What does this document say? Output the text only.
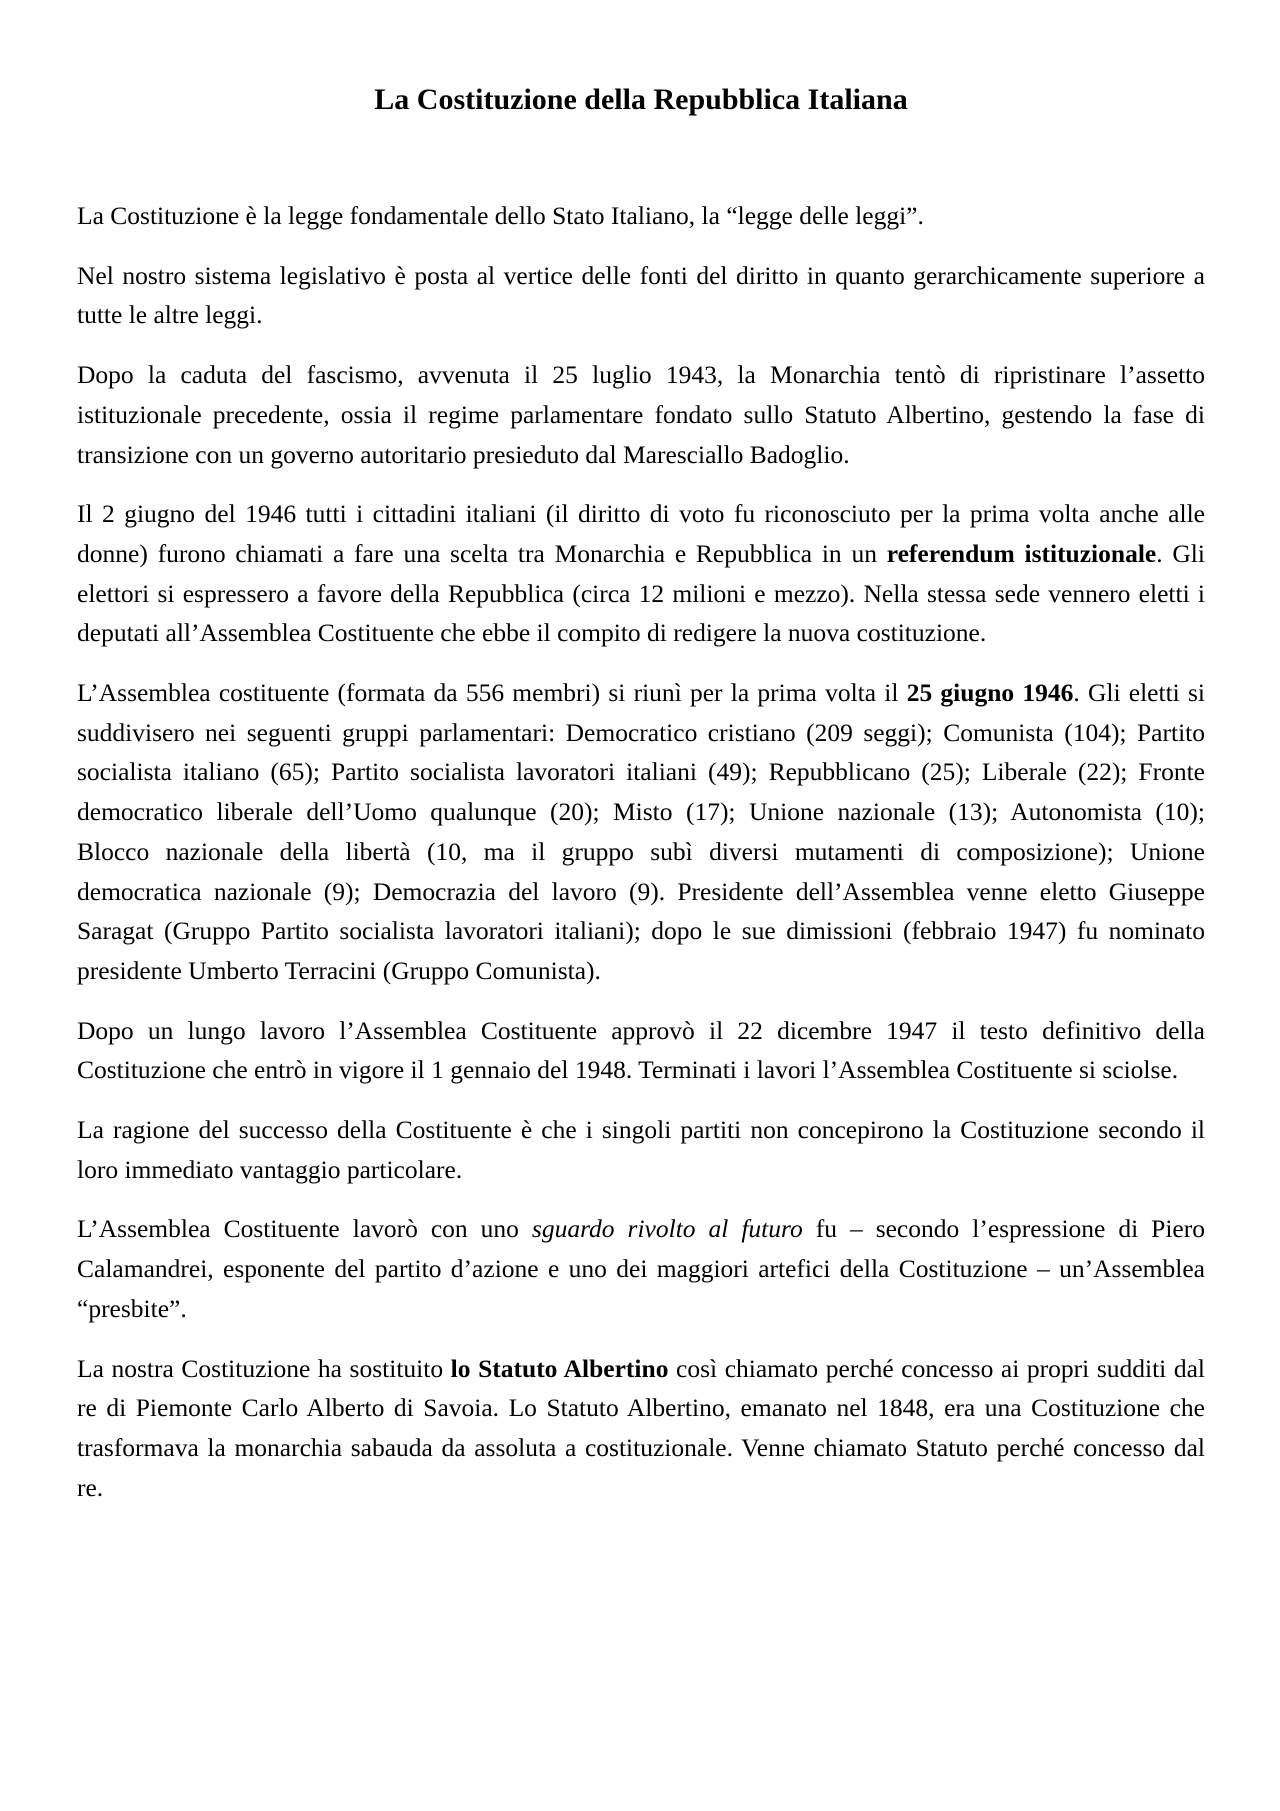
La Costituzione della Repubblica Italiana

La Costituzione è la legge fondamentale dello Stato Italiano, la “legge delle leggi”.

Nel nostro sistema legislativo è posta al vertice delle fonti del diritto in quanto gerarchicamente superiore a tutte le altre leggi.

Dopo la caduta del fascismo, avvenuta il 25 luglio 1943, la Monarchia tentò di ripristinare l’assetto istituzionale precedente, ossia il regime parlamentare fondato sullo Statuto Albertino, gestendo la fase di transizione con un governo autoritario presieduto dal Maresciallo Badoglio.

Il 2 giugno del 1946 tutti i cittadini italiani (il diritto di voto fu riconosciuto per la prima volta anche alle donne) furono chiamati a fare una scelta tra Monarchia e Repubblica in un referendum istituzionale. Gli elettori si espressero a favore della Repubblica (circa 12 milioni e mezzo). Nella stessa sede vennero eletti i deputati all’Assemblea Costituente che ebbe il compito di redigere la nuova costituzione.

L’Assemblea costituente (formata da 556 membri) si riunì per la prima volta il 25 giugno 1946. Gli eletti si suddivisero nei seguenti gruppi parlamentari: Democratico cristiano (209 seggi); Comunista (104); Partito socialista italiano (65); Partito socialista lavoratori italiani (49); Repubblicano (25); Liberale (22); Fronte democratico liberale dell’Uomo qualunque (20); Misto (17); Unione nazionale (13); Autonomista (10); Blocco nazionale della libertà (10, ma il gruppo subì diversi mutamenti di composizione); Unione democratica nazionale (9); Democrazia del lavoro (9). Presidente dell’Assemblea venne eletto Giuseppe Saragat (Gruppo Partito socialista lavoratori italiani); dopo le sue dimissioni (febbraio 1947) fu nominato presidente Umberto Terracini (Gruppo Comunista).

Dopo un lungo lavoro l’Assemblea Costituente approvò il 22 dicembre 1947 il testo definitivo della Costituzione che entrò in vigore il 1 gennaio del 1948. Terminati i lavori l’Assemblea Costituente si sciolse.

La ragione del successo della Costituente è che i singoli partiti non concepirono la Costituzione secondo il loro immediato vantaggio particolare.

L’Assemblea Costituente lavorò con uno sguardo rivolto al futuro fu – secondo l’espressione di Piero Calamandrei, esponente del partito d’azione e uno dei maggiori artefici della Costituzione – un’Assemblea “presbite”.

La nostra Costituzione ha sostituito lo Statuto Albertino così chiamato perché concesso ai propri sudditi dal re di Piemonte Carlo Alberto di Savoia. Lo Statuto Albertino, emanato nel 1848, era una Costituzione che trasformava la monarchia sabauda da assoluta a costituzionale. Venne chiamato Statuto perché concesso dal re.
